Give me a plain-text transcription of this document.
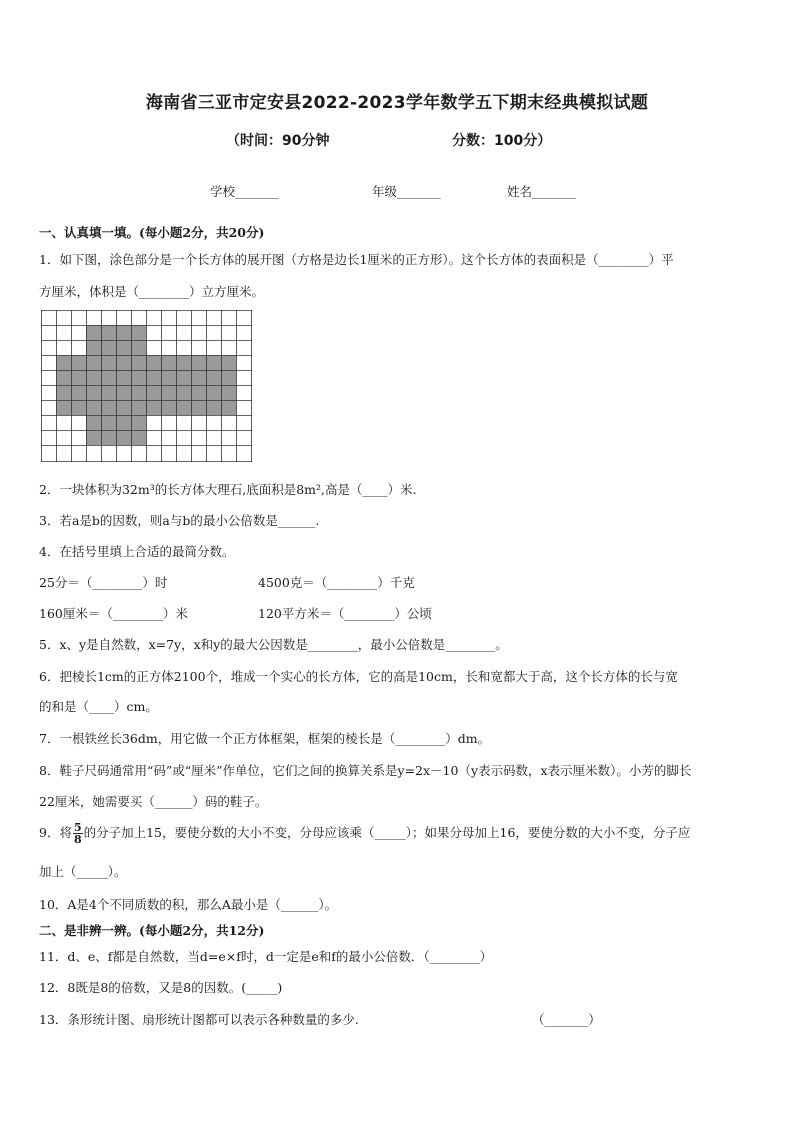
海南省三亚市定安县2022-2023学年数学五下期末经典模拟试题
（时间：90分钟	分数：100分）
学校_______	年级_______	姓名_______
一、认真填一填。(每小题2分，共20分)
1．如下图，涂色部分是一个长方体的展开图（方格是边长1厘米的正方形）。这个长方体的表面积是（________）平
方厘米，体积是（________）立方厘米。
2．一块体积为32m³的长方体大理石,底面积是8m²,高是（____）米.
3．若a是b的因数，则a与b的最小公倍数是______.
4．在括号里填上合适的最简分数。
25分＝（________）时	4500克＝（________）千克
160厘米＝（________）米	120平方米＝（________）公顷
5．x、y是自然数，x=7y，x和y的最大公因数是________，最小公倍数是________。
6．把棱长1cm的正方体2100个，堆成一个实心的长方体，它的高是10cm，长和宽都大于高，这个长方体的长与宽
的和是（____）cm。
7．一根铁丝长36dm，用它做一个正方体框架，框架的棱长是（________）dm。
8．鞋子尺码通常用“码”或“厘米”作单位，它们之间的换算关系是y=2x－10（y表示码数，x表示厘米数）。小芳的脚长
22厘米，她需要买（______）码的鞋子。
9．将 $\frac{5}{8}$ 的分子加上15，要使分数的大小不变，分母应该乘（_____）；如果分母加上16，要使分数的大小不变，分子应
加上（_____）。
10．A是4个不同质数的积，那么A最小是（______）。
二、是非辨一辨。(每小题2分，共12分)
11．d、e、f都是自然数，当d=e×f时，d一定是e和f的最小公倍数．（________）
12．8既是8的倍数，又是8的因数。(_____)
13．条形统计图、扇形统计图都可以表示各种数量的多少.	（_______）
